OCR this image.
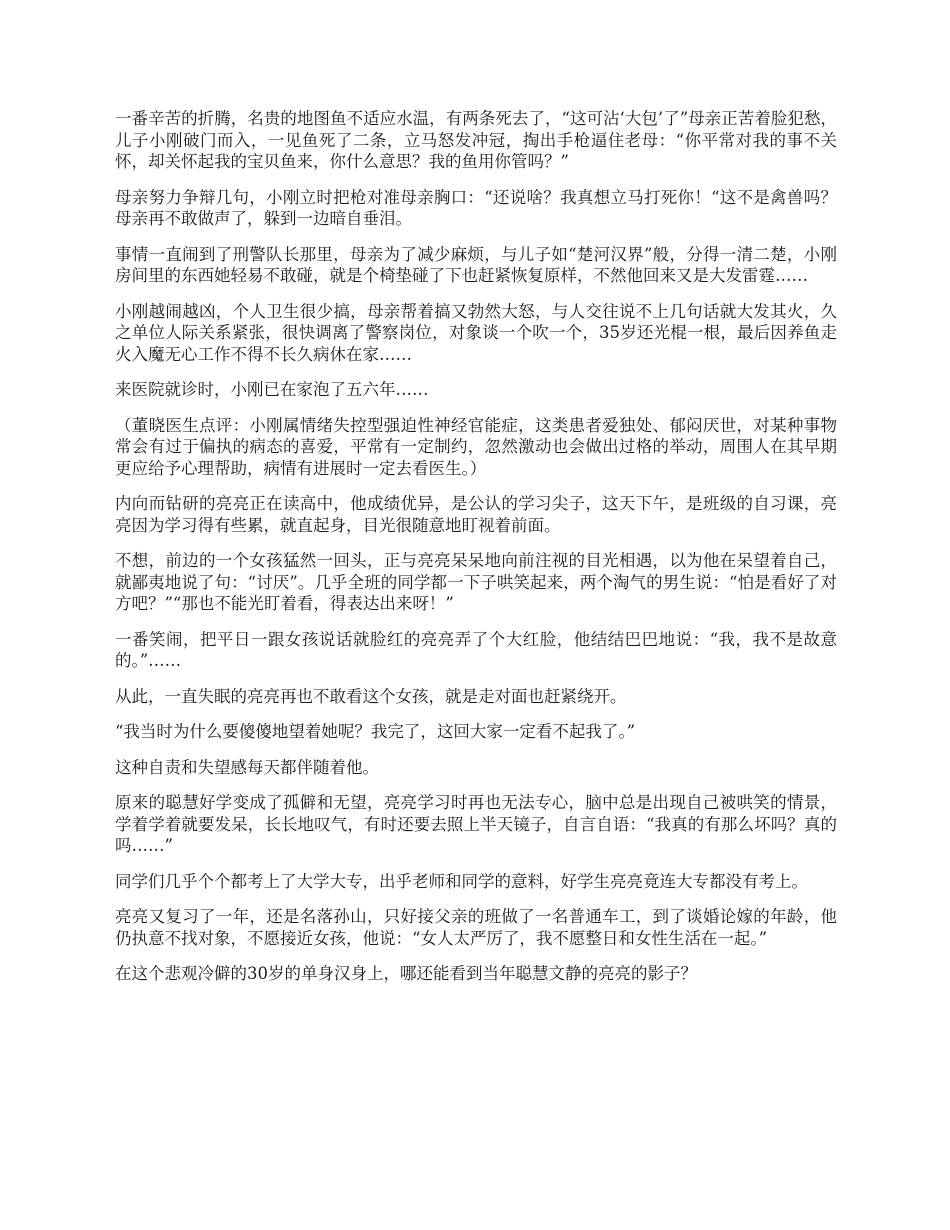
一番辛苦的折腾，名贵的地图鱼不适应水温，有两条死去了，“这可沾‘大包’了”母亲正苦着脸犯愁，儿子小刚破门而入，一见鱼死了二条，立马怒发冲冠，掏出手枪逼住老母：“你平常对我的事不关怀，却关怀起我的宝贝鱼来，你什么意思？我的鱼用你管吗？”

母亲努力争辩几句，小刚立时把枪对准母亲胸口：“还说啥？我真想立马打死你！“这不是禽兽吗？母亲再不敢做声了，躲到一边暗自垂泪。

事情一直闹到了刑警队长那里，母亲为了减少麻烦，与儿子如“楚河汉界”般，分得一清二楚，小刚房间里的东西她轻易不敢碰，就是个椅垫碰了下也赶紧恢复原样，不然他回来又是大发雷霆……

小刚越闹越凶，个人卫生很少搞，母亲帮着搞又勃然大怒，与人交往说不上几句话就大发其火，久之单位人际关系紧张，很快调离了警察岗位，对象谈一个吹一个，35岁还光棍一根，最后因养鱼走火入魔无心工作不得不长久病休在家……

来医院就诊时，小刚已在家泡了五六年……

（董晓医生点评：小刚属情绪失控型强迫性神经官能症，这类患者爱独处、郁闷厌世，对某种事物常会有过于偏执的病态的喜爱，平常有一定制约，忽然激动也会做出过格的举动，周围人在其早期更应给予心理帮助，病情有进展时一定去看医生。）

内向而钻研的亮亮正在读高中，他成绩优异，是公认的学习尖子，这天下午，是班级的自习课，亮亮因为学习得有些累，就直起身，目光很随意地盯视着前面。

不想，前边的一个女孩猛然一回头，正与亮亮呆呆地向前注视的目光相遇，以为他在呆望着自己，就鄙夷地说了句：“讨厌”。几乎全班的同学都一下子哄笑起来，两个淘气的男生说：“怕是看好了对方吧？”“那也不能光盯着看，得表达出来呀！”

一番笑闹，把平日一跟女孩说话就脸红的亮亮弄了个大红脸，他结结巴巴地说：“我，我不是故意的。”……

从此，一直失眠的亮亮再也不敢看这个女孩，就是走对面也赶紧绕开。

“我当时为什么要傻傻地望着她呢？我完了，这回大家一定看不起我了。”

这种自责和失望感每天都伴随着他。

原来的聪慧好学变成了孤僻和无望，亮亮学习时再也无法专心，脑中总是出现自己被哄笑的情景，学着学着就要发呆，长长地叹气，有时还要去照上半天镜子，自言自语：“我真的有那么坏吗？真的吗……”

同学们几乎个个都考上了大学大专，出乎老师和同学的意料，好学生亮亮竟连大专都没有考上。

亮亮又复习了一年，还是名落孙山，只好接父亲的班做了一名普通车工，到了谈婚论嫁的年龄，他仍执意不找对象，不愿接近女孩，他说：“女人太严厉了，我不愿整日和女性生活在一起。”

在这个悲观冷僻的30岁的单身汉身上，哪还能看到当年聪慧文静的亮亮的影子？
